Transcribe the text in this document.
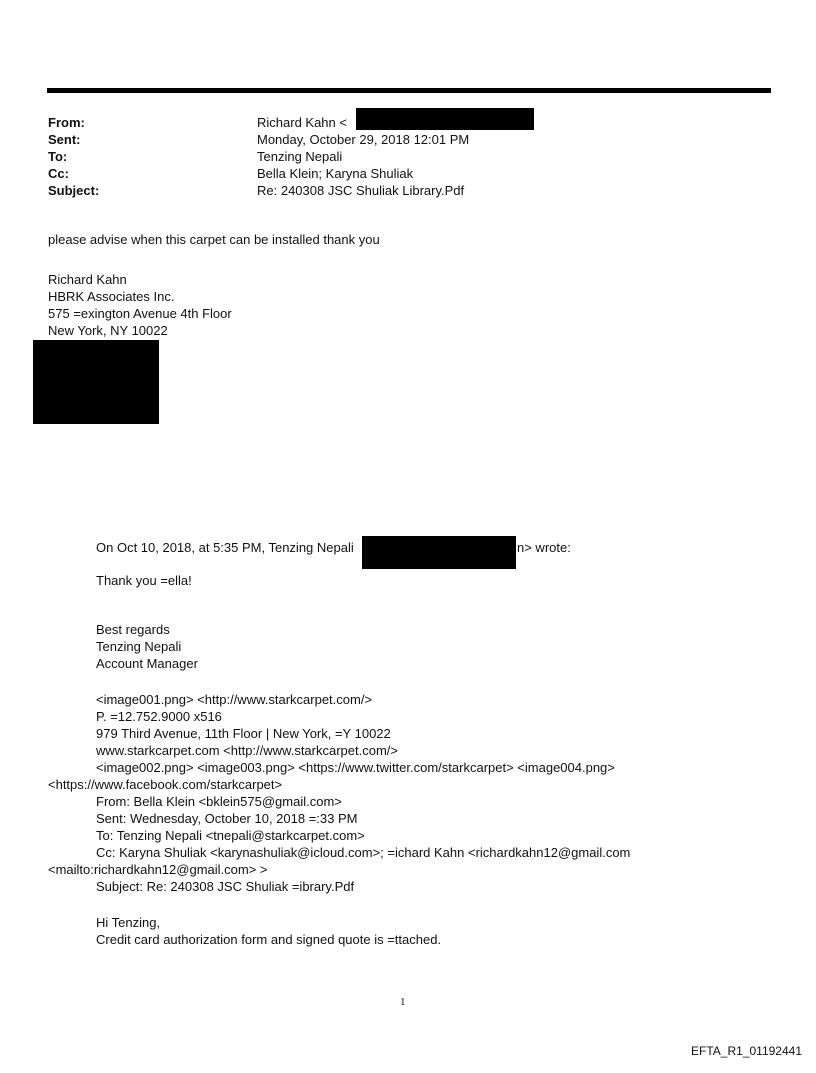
From:	Richard Kahn <
Sent:	Monday, October 29, 2018 12:01 PM
To:	Tenzing Nepali
Cc:	Bella Klein; Karyna Shuliak
Subject:	Re: 240308 JSC Shuliak Library.Pdf
please advise when this carpet can be installed thank you
Richard Kahn
HBRK Associates Inc.
575 =exington Avenue 4th Floor
New York, NY 10022
On Oct 10, 2018, at 5:35 PM, Tenzing Nepali	n> wrote:
Thank you =ella!
Best regards
Tenzing Nepali
Account Manager
<image001.png> <http://www.starkcarpet.com/>
P. =12.752.9000 x516
979 Third Avenue, 11th Floor | New York, =Y 10022
www.starkcarpet.com <http://www.starkcarpet.com/>
<image002.png> <image003.png> <https://www.twitter.com/starkcarpet> <image004.png>
<https://www.facebook.com/starkcarpet>
From: Bella Klein <bklein575@gmail.com>
Sent: Wednesday, October 10, 2018 =:33 PM
To: Tenzing Nepali <tnepali@starkcarpet.com>
Cc: Karyna Shuliak <karynashuliak@icloud.com>; =ichard Kahn <richardkahn12@gmail.com
<mailto:richardkahn12@gmail.com> >
Subject: Re: 240308 JSC Shuliak =ibrary.Pdf
Hi Tenzing,
Credit card authorization form and signed quote is =ttached.
1
EFTA_R1_01192441
